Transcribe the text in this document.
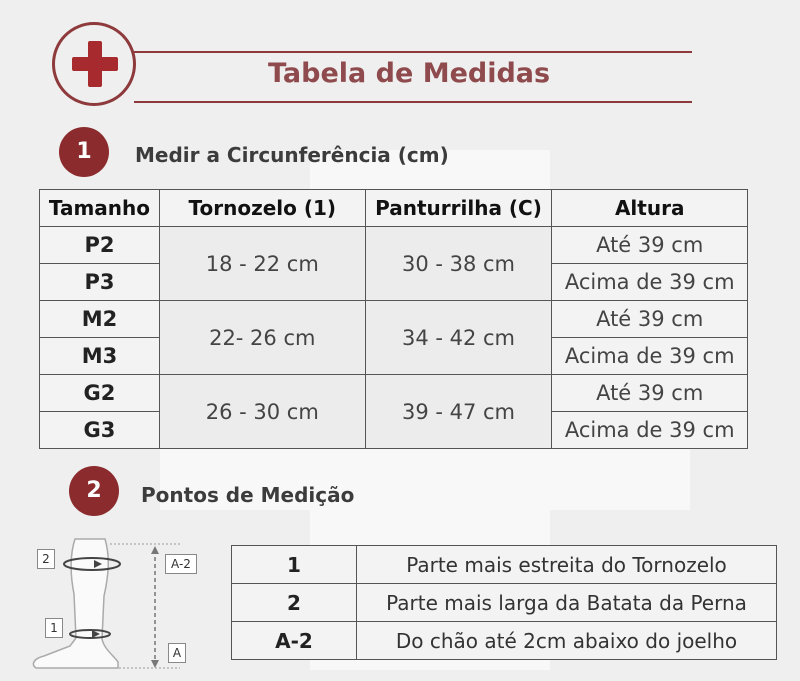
Tabela de Medidas
1	Medir a Circunferência (cm)
Tamanho	Tornozelo (1)	Panturrilha (C)	Altura
P2	18 - 22 cm	30 - 38 cm	Até 39 cm
P3			Acima de 39 cm
M2	22- 26 cm	34 - 42 cm	Até 39 cm
M3			Acima de 39 cm
G2	26 - 30 cm	39 - 47 cm	Até 39 cm
G3			Acima de 39 cm
2	Pontos de Medição
2
1
A-2
A
1	Parte mais estreita do Tornozelo
2	Parte mais larga da Batata da Perna
A-2	Do chão até 2cm abaixo do joelho
